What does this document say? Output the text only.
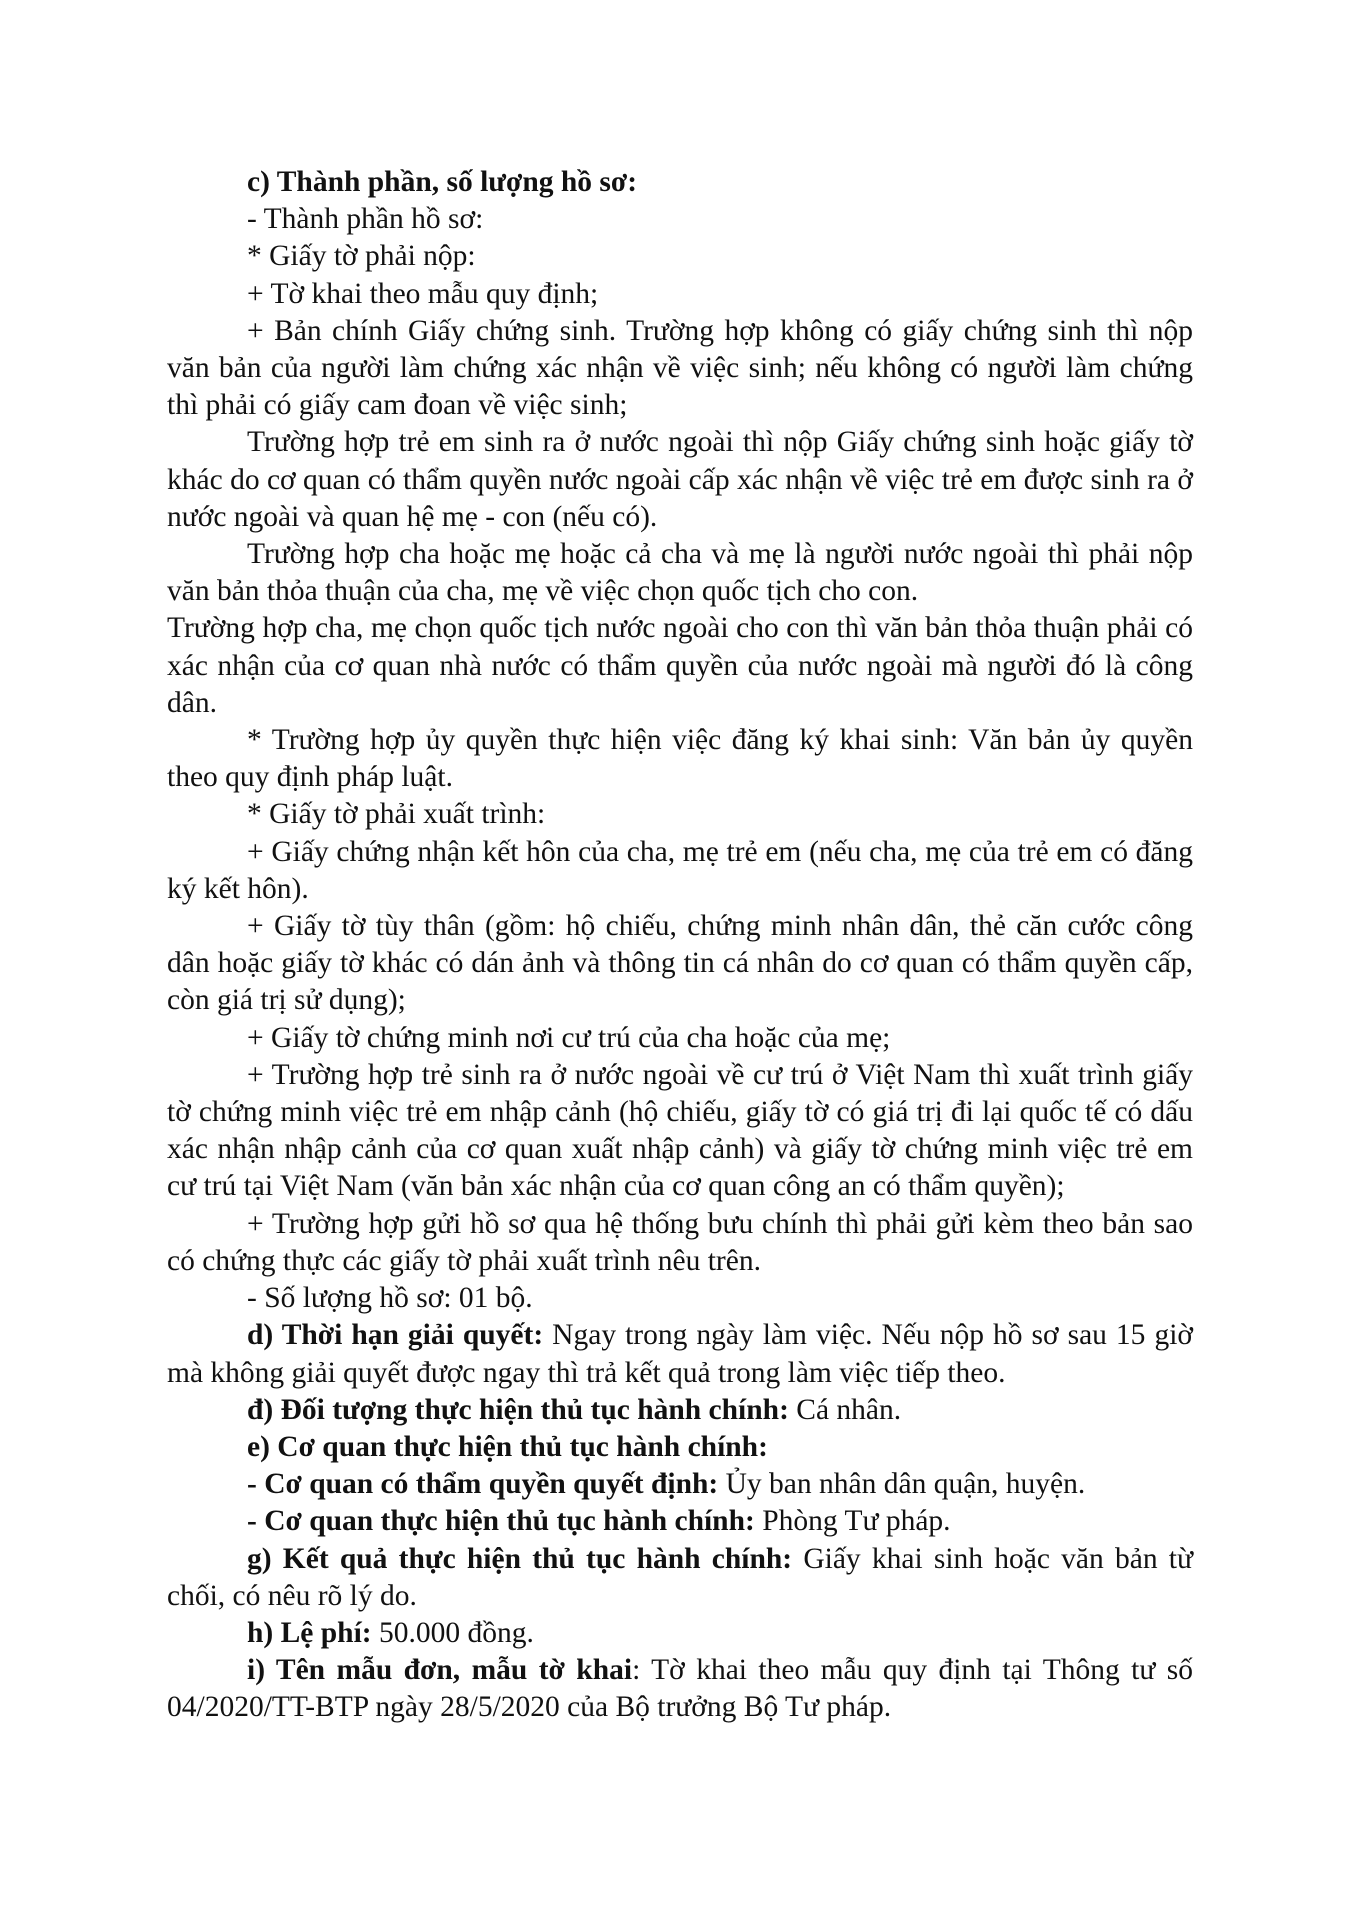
c) Thành phần, số lượng hồ sơ:

- Thành phần hồ sơ:

* Giấy tờ phải nộp:

+ Tờ khai theo mẫu quy định;

+ Bản chính Giấy chứng sinh. Trường hợp không có giấy chứng sinh thì nộp văn bản của người làm chứng xác nhận về việc sinh; nếu không có người làm chứng thì phải có giấy cam đoan về việc sinh;

Trường hợp trẻ em sinh ra ở nước ngoài thì nộp Giấy chứng sinh hoặc giấy tờ khác do cơ quan có thẩm quyền nước ngoài cấp xác nhận về việc trẻ em được sinh ra ở nước ngoài và quan hệ mẹ - con (nếu có).

Trường hợp cha hoặc mẹ hoặc cả cha và mẹ là người nước ngoài thì phải nộp văn bản thỏa thuận của cha, mẹ về việc chọn quốc tịch cho con.

Trường hợp cha, mẹ chọn quốc tịch nước ngoài cho con thì văn bản thỏa thuận phải có xác nhận của cơ quan nhà nước có thẩm quyền của nước ngoài mà người đó là công dân.

* Trường hợp ủy quyền thực hiện việc đăng ký khai sinh: Văn bản ủy quyền theo quy định pháp luật.

* Giấy tờ phải xuất trình:

+ Giấy chứng nhận kết hôn của cha, mẹ trẻ em (nếu cha, mẹ của trẻ em có đăng ký kết hôn).

+ Giấy tờ tùy thân (gồm: hộ chiếu, chứng minh nhân dân, thẻ căn cước công dân hoặc giấy tờ khác có dán ảnh và thông tin cá nhân do cơ quan có thẩm quyền cấp, còn giá trị sử dụng);

+ Giấy tờ chứng minh nơi cư trú của cha hoặc của mẹ;

+ Trường hợp trẻ sinh ra ở nước ngoài về cư trú ở Việt Nam thì xuất trình giấy tờ chứng minh việc trẻ em nhập cảnh (hộ chiếu, giấy tờ có giá trị đi lại quốc tế có dấu xác nhận nhập cảnh của cơ quan xuất nhập cảnh) và giấy tờ chứng minh việc trẻ em cư trú tại Việt Nam (văn bản xác nhận của cơ quan công an có thẩm quyền);

+ Trường hợp gửi hồ sơ qua hệ thống bưu chính thì phải gửi kèm theo bản sao có chứng thực các giấy tờ phải xuất trình nêu trên.

- Số lượng hồ sơ: 01 bộ.

d) Thời hạn giải quyết: Ngay trong ngày làm việc. Nếu nộp hồ sơ sau 15 giờ mà không giải quyết được ngay thì trả kết quả trong làm việc tiếp theo.

đ) Đối tượng thực hiện thủ tục hành chính: Cá nhân.

e) Cơ quan thực hiện thủ tục hành chính:

- Cơ quan có thẩm quyền quyết định: Ủy ban nhân dân quận, huyện.

- Cơ quan thực hiện thủ tục hành chính: Phòng Tư pháp.

g) Kết quả thực hiện thủ tục hành chính: Giấy khai sinh hoặc văn bản từ chối, có nêu rõ lý do.

h) Lệ phí: 50.000 đồng.

i) Tên mẫu đơn, mẫu tờ khai: Tờ khai theo mẫu quy định tại Thông tư số 04/2020/TT-BTP ngày 28/5/2020 của Bộ trưởng Bộ Tư pháp.
